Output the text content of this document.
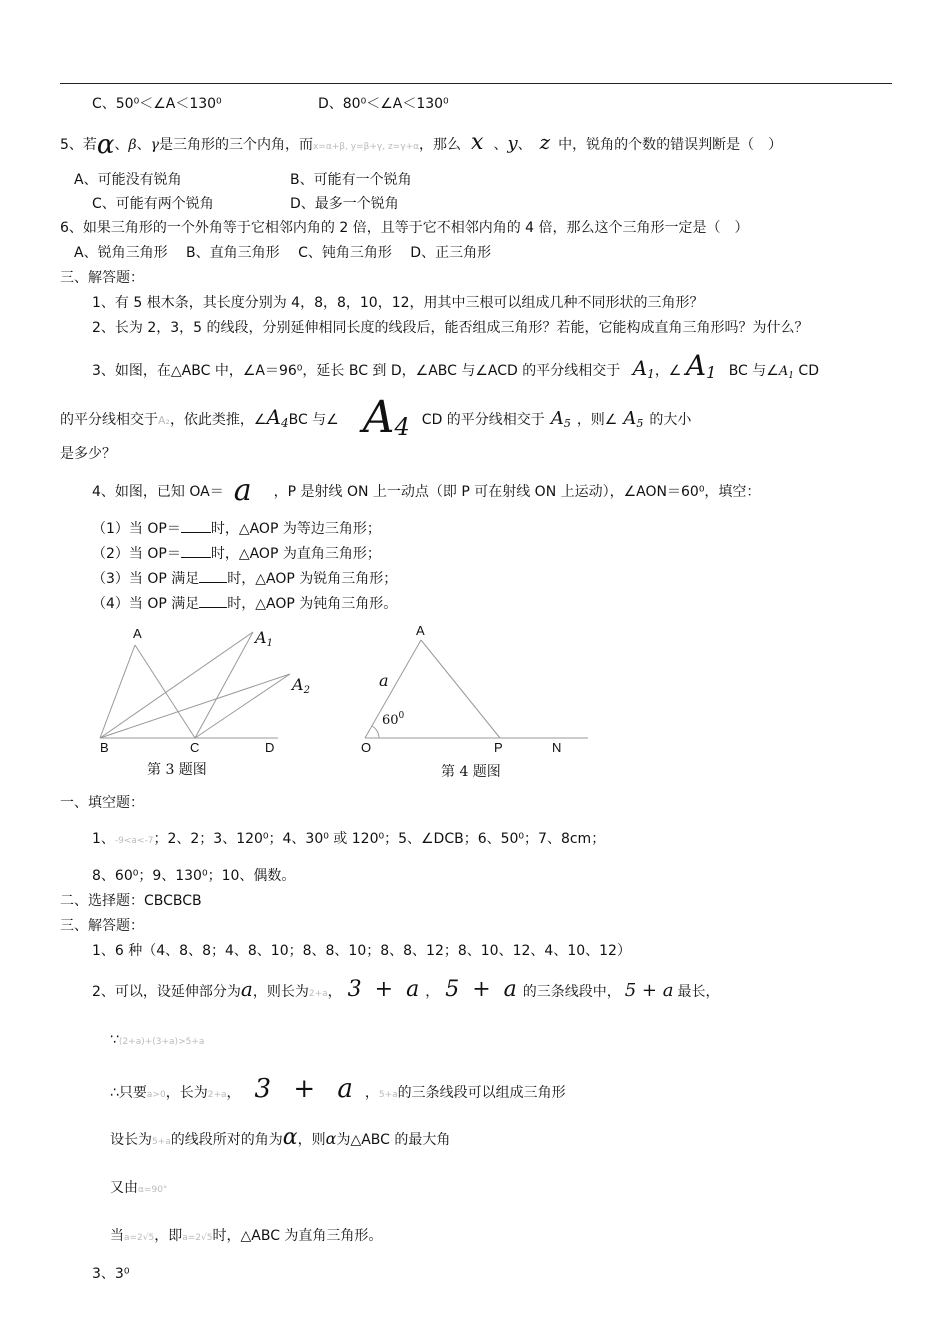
C、50⁰＜∠A＜130⁰	D、80⁰＜∠A＜130⁰
5、若α、β、γ是三角形的三个内角，而x=α+β, y=β+γ, z=γ+α，那么 x 、y、 z 中，锐角的个数的错误判断是（　）
A、可能没有锐角	B、可能有一个锐角
C、可能有两个锐角	D、最多一个锐角
6、如果三角形的一个外角等于它相邻内角的 2 倍，且等于它不相邻内角的 4 倍，那么这个三角形一定是（　）
A、锐角三角形　 B、直角三角形　 C、钝角三角形　 D、正三角形
三、解答题：
1、有 5 根木条，其长度分别为 4，8，8，10，12，用其中三根可以组成几种不同形状的三角形？
2、长为 2，3，5 的线段，分别延伸相同长度的线段后，能否组成三角形？若能，它能构成直角三角形吗？为什么？
3、如图，在△ABC 中，∠A＝96⁰，延长 BC 到 D，∠ABC 与∠ACD 的平分线相交于 $A_1$，∠ $A_1$ BC 与$\angle A_1$ CD
的平分线相交于A₂，依此类推，$\angle A_4BC$ 与∠ $A_4$ CD 的平分线相交于 $A_5$ ，则∠ $A_5$ 的大小
是多少？
4、如图，已知 OA＝ a ，P 是射线 ON 上一动点（即 P 可在射线 ON 上运动），∠AON＝60⁰，填空：
（1）当 OP＝ 时，△AOP 为等边三角形；
（2）当 OP＝ 时，△AOP 为直角三角形；
（3）当 OP 满足 时，△AOP 为锐角三角形；
（4）当 OP 满足 时，△AOP 为钝角三角形。
A	$A_1$
$A_2$
B	C	D
第 3 题图
A
a
$60^0$
O	P	N
第 4 题图
一、填空题：
1、-9<a<-7；2、2；3、120⁰；4、30⁰ 或 120⁰；5、∠DCB；6、50⁰；7、8cm；
8、60⁰；9、130⁰；10、偶数。
二、选择题：CBCBCB
三、解答题：
1、6 种（4、8、8；4、8、10；8、8、10；8、8、12；8、10、12、4、10、12）
2、可以，设延伸部分为a，则长为2+a， 3 + a ， 5 + a 的三条线段中， 5 + a 最长，
∵(2+a)+(3+a)>5+a
∴只要a>0，长为2+a， 3 + a ，5+a的三条线段可以组成三角形
设长为5+a的线段所对的角为α，则α为△ABC 的最大角
又由α=90°
当a=2√5，即a=2√5时，△ABC 为直角三角形。
3、3⁰
